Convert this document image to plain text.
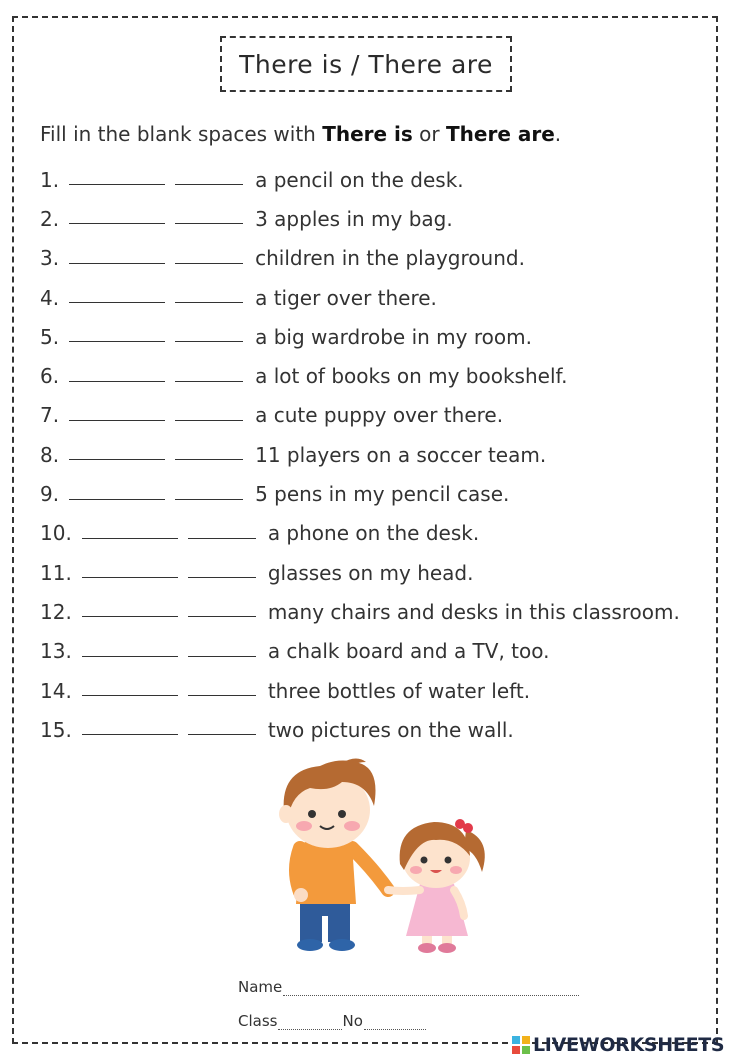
There is / There are
Fill in the blank spaces with There is or There are.
1.	a pencil on the desk.
2.	3 apples in my bag.
3.	children in the playground.
4.	a tiger over there.
5.	a big wardrobe in my room.
6.	a lot of books on my bookshelf.
7.	a cute puppy over there.
8.	11 players on a soccer team.
9.	5 pens in my pencil case.
10.	a phone on the desk.
11.	glasses on my head.
12.	many chairs and desks in this classroom.
13.	a chalk board and a TV, too.
14.	three bottles of water left.
15.	two pictures on the wall.
Name
Class	No
LIVEWORKSHEETS
